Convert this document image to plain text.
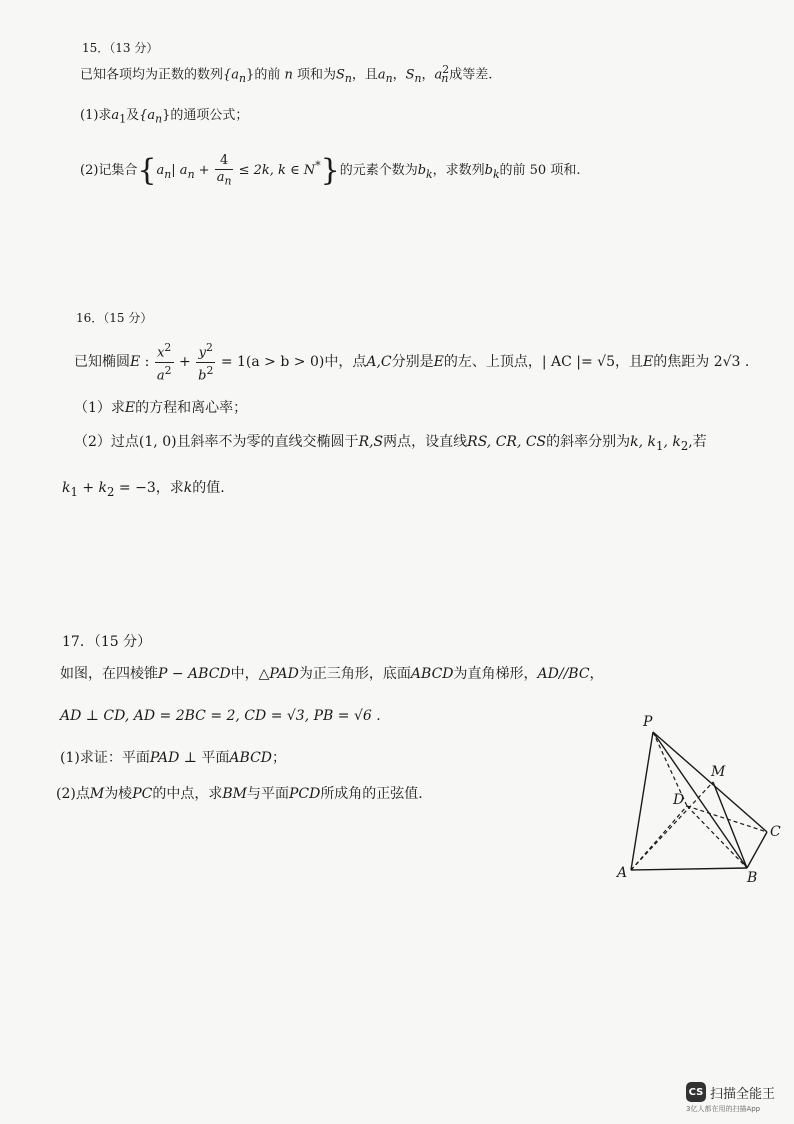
15．（13 分）
已知各项均为正数的数列$\{a_n\}$的前 n 项和为$S_n$，且$a_n$，$S_n$，$a_n^2$成等差.
(1)求$a_1$及$\{a_n\}$的通项公式；
(2)记集合{$a_n|$ $a_n + \frac{4}{a_n} \le 2k$, k ∈ N*}的元素个数为$b_k$，求数列$b_k$的前 50 项和.
16．（15 分）
已知椭圆E : $\frac{x^2}{a^2} + \frac{y^2}{b^2} = 1(a > b > 0)$中，点A,C分别是E的左、上顶点，| AC |= √5，且E的焦距为 2√3 .
（1）求E的方程和离心率；
（2）过点(1, 0)且斜率不为零的直线交椭圆于R,S两点，设直线RS, CR, CS的斜率分别为k, $k_1$, $k_2$,若
$k_1 + k_2 = -3$，求k的值.
17．（15 分）
如图，在四棱锥P − ABCD中，△PAD为正三角形，底面ABCD为直角梯形，AD//BC，
AD ⊥ CD, AD = 2BC = 2, CD = √3, PB = √6 .
(1)求证：平面PAD ⊥ 平面ABCD；
(2)点M为棱PC的中点，求BM与平面PCD所成角的正弦值.
P
M
D
C
A	B
CS 扫描全能王
3亿人都在用的扫描App
